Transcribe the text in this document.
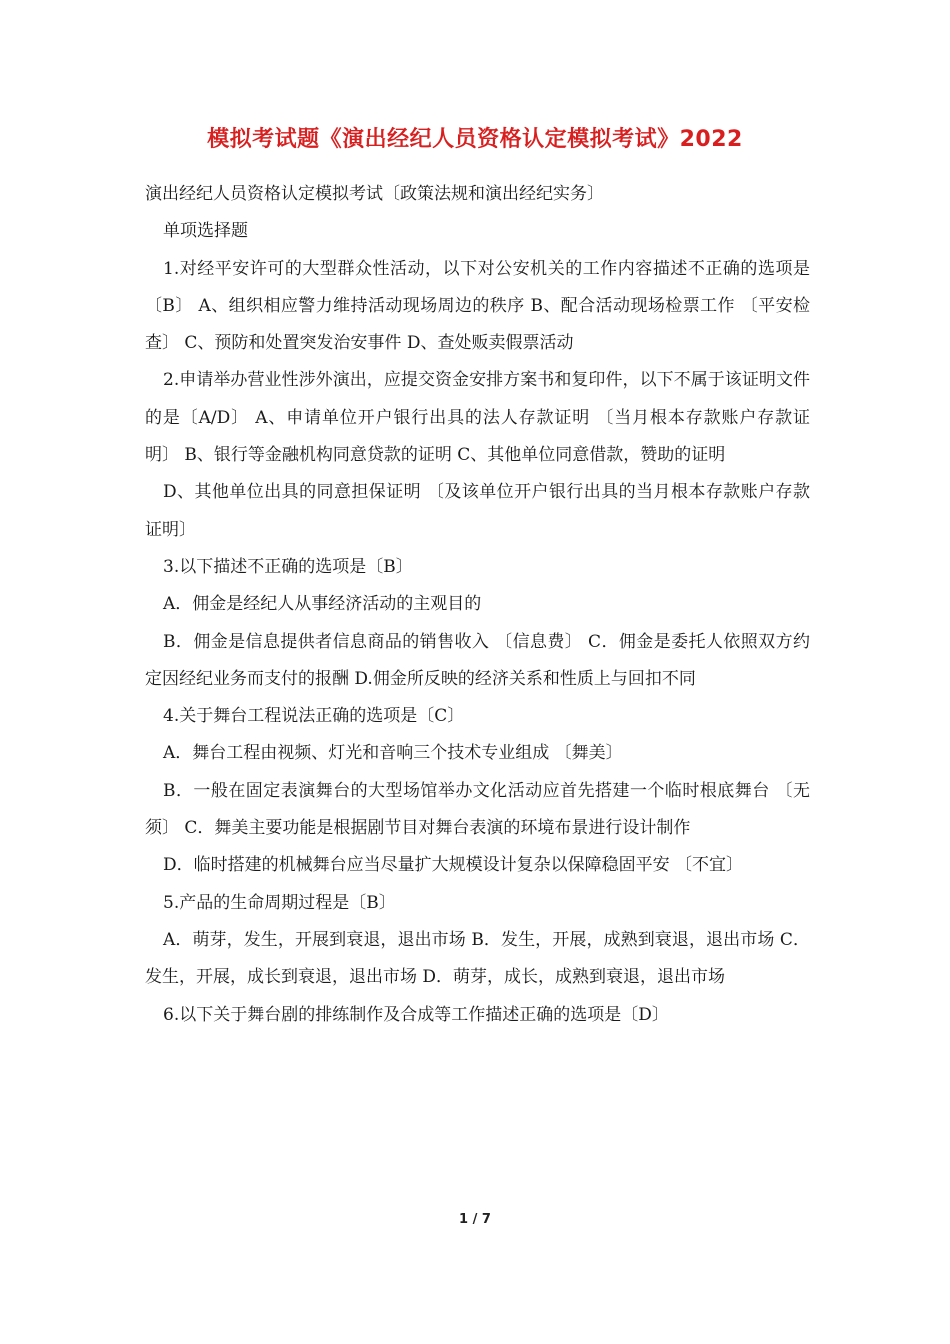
模拟考试题《演出经纪人员资格认定模拟考试》2022

演出经纪人员资格认定模拟考试〔政策法规和演出经纪实务〕

单项选择题

1.对经平安许可的大型群众性活动，以下对公安机关的工作内容描述不正确的选项是〔B〕 A、组织相应警力维持活动现场周边的秩序 B、配合活动现场检票工作 〔平安检查〕 C、预防和处置突发治安事件 D、查处贩卖假票活动

2.申请举办营业性涉外演出，应提交资金安排方案书和复印件，以下不属于该证明文件的是〔A/D〕 A、申请单位开户银行出具的法人存款证明 〔当月根本存款账户存款证明〕 B、银行等金融机构同意贷款的证明 C、其他单位同意借款，赞助的证明

D、其他单位出具的同意担保证明 〔及该单位开户银行出具的当月根本存款账户存款证明〕

3.以下描述不正确的选项是〔B〕

A．佣金是经纪人从事经济活动的主观目的

B．佣金是信息提供者信息商品的销售收入 〔信息费〕 C．佣金是委托人依照双方约定因经纪业务而支付的报酬 D.佣金所反映的经济关系和性质上与回扣不同

4.关于舞台工程说法正确的选项是〔C〕

A．舞台工程由视频、灯光和音响三个技术专业组成 〔舞美〕

B．一般在固定表演舞台的大型场馆举办文化活动应首先搭建一个临时根底舞台 〔无须〕 C．舞美主要功能是根据剧节目对舞台表演的环境布景进行设计制作

D．临时搭建的机械舞台应当尽量扩大规模设计复杂以保障稳固平安 〔不宜〕

5.产品的生命周期过程是〔B〕

A．萌芽，发生，开展到衰退，退出市场 B．发生，开展，成熟到衰退，退出市场 C．发生，开展，成长到衰退，退出市场 D．萌芽，成长，成熟到衰退，退出市场

6.以下关于舞台剧的排练制作及合成等工作描述正确的选项是〔D〕

1 / 7
